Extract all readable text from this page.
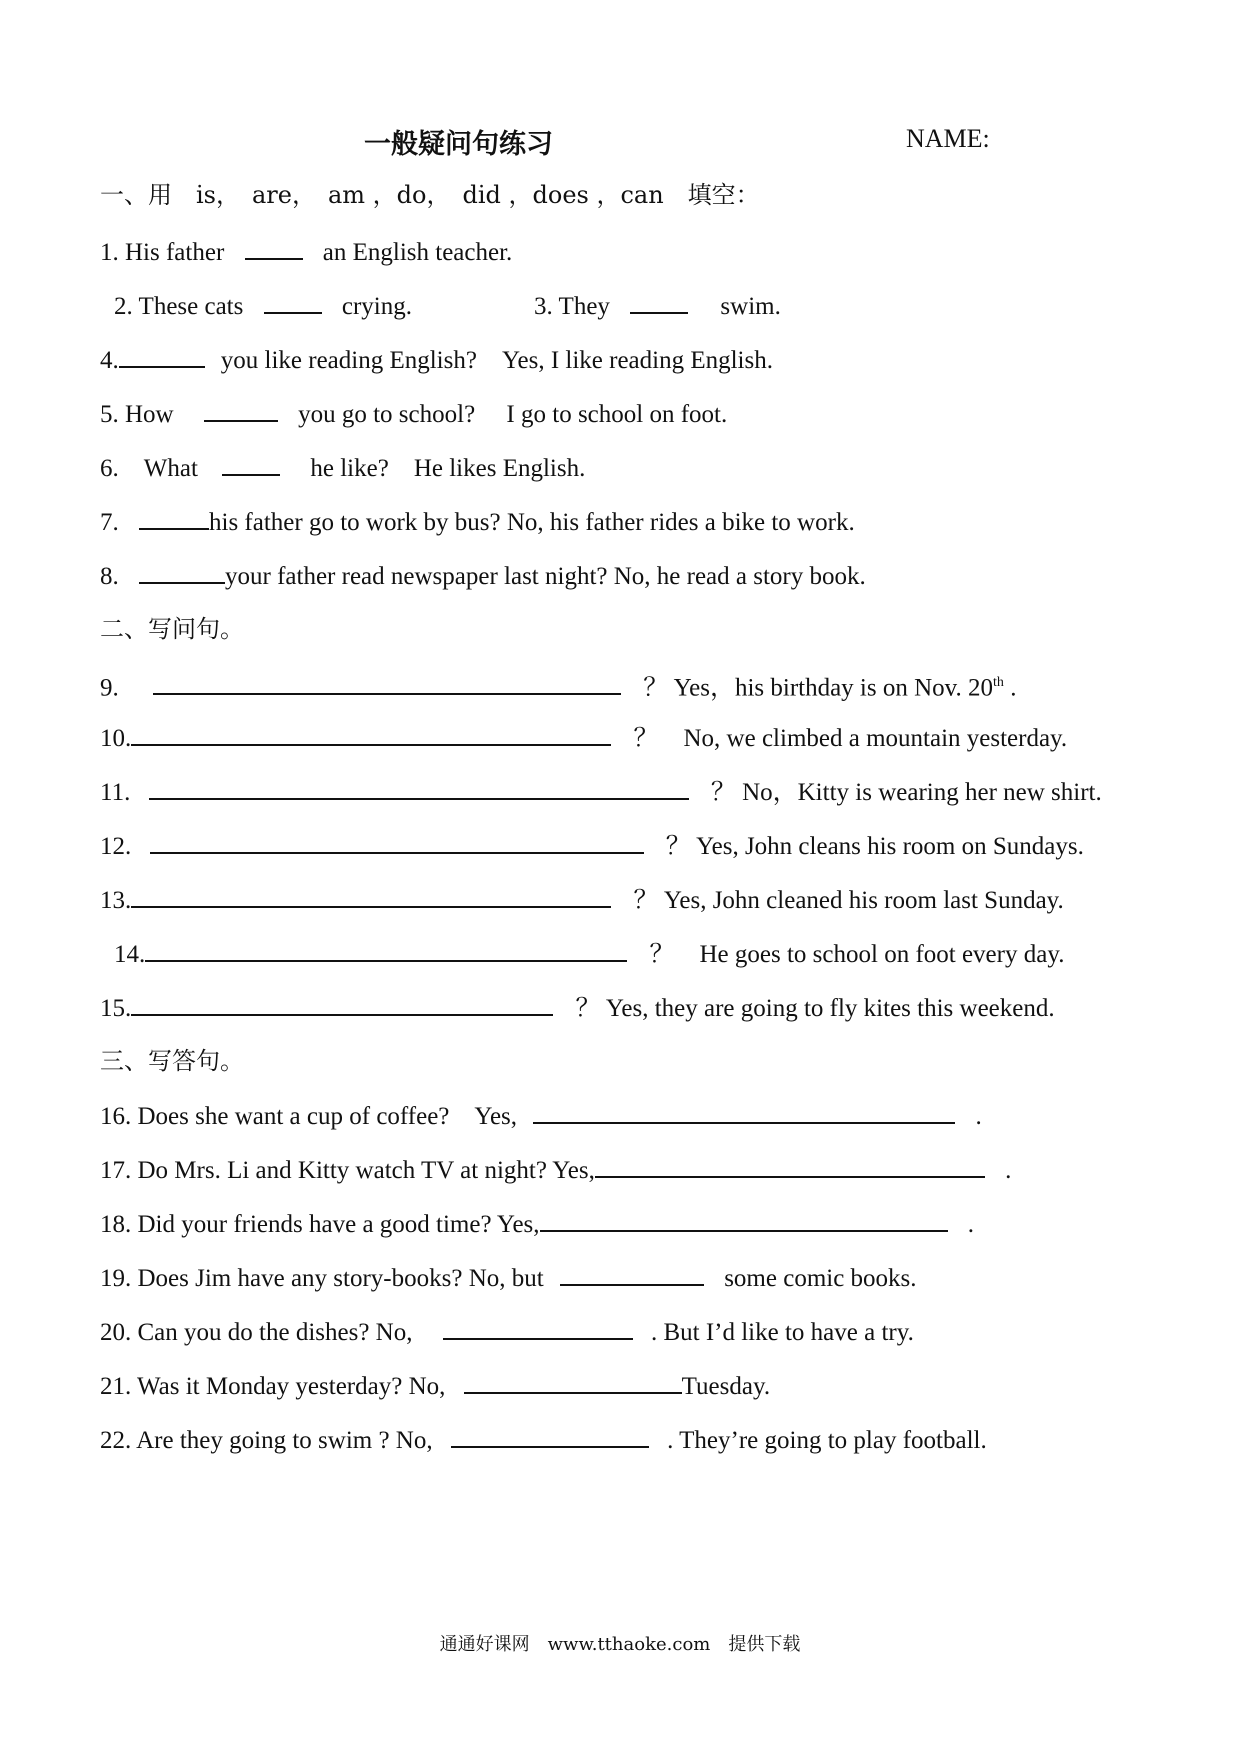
一般疑问句练习	NAME:
一、用　is，　are，　am ，do，　did ，does ，can　填空：
1. His father	an English teacher.
2. These cats	crying.	3. They	swim.
4.	you like reading English?　Yes, I like reading English.
5. How	you go to school?　 I go to school on foot.
6.　What	he like?　He likes English.
7.	his father go to work by bus? No, his father rides a bike to work.
8.	your father read newspaper last night? No, he read a story book.
二、写问句。
9.	？ Yes，his birthday is on Nov. 20th .
10.	？　No, we climbed a mountain yesterday.
11.	？ No，Kitty is wearing her new shirt.
12.	？ Yes, John cleans his room on Sundays.
13.	？ Yes, John cleaned his room last Sunday.
14.	？　He goes to school on foot every day.
15.	？ Yes, they are going to fly kites this weekend.
三、写答句。
16. Does she want a cup of coffee?　Yes,	.
17. Do Mrs. Li and Kitty watch TV at night? Yes,	.
18. Did your friends have a good time? Yes,	.
19. Does Jim have any story-books? No, but	some comic books.
20. Can you do the dishes? No,	. But I’d like to have a try.
21. Was it Monday yesterday? No,	Tuesday.
22. Are they going to swim ? No,	. They’re going to play football.
通通好课网　www.tthaoke.com　提供下载
